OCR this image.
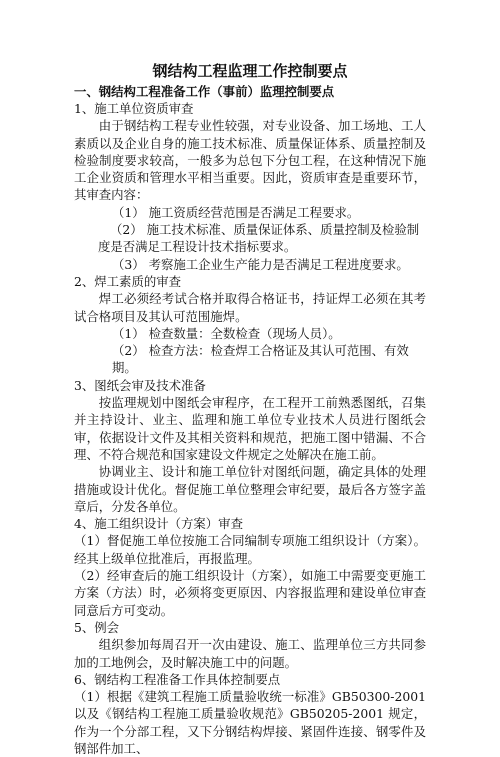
钢结构工程监理工作控制要点
一、钢结构工程准备工作（事前）监理控制要点
1、施工单位资质审查

由于钢结构工程专业性较强，对专业设备、加工场地、工人素质以及企业自身的施工技术标准、质量保证体系、质量控制及检验制度要求较高，一般多为总包下分包工程，在这种情况下施工企业资质和管理水平相当重要。因此，资质审查是重要环节，其审查内容：

（1） 施工资质经营范围是否满足工程要求。

（2） 施工技术标准、质量保证体系、质量控制及检验制度是否满足工程设计技术指标要求。

（3） 考察施工企业生产能力是否满足工程进度要求。

2、焊工素质的审查

焊工必须经考试合格并取得合格证书，持证焊工必须在其考试合格项目及其认可范围施焊。

（1） 检查数量：全数检查（现场人员）。

（2） 检查方法：检查焊工合格证及其认可范围、有效期。

3、图纸会审及技术准备

按监理规划中图纸会审程序，在工程开工前熟悉图纸，召集并主持设计、业主、监理和施工单位专业技术人员进行图纸会审，依据设计文件及其相关资料和规范，把施工图中错漏、不合理、不符合规范和国家建设文件规定之处解决在施工前。

协调业主、设计和施工单位针对图纸问题，确定具体的处理措施或设计优化。督促施工单位整理会审纪要，最后各方签字盖章后，分发各单位。

4、施工组织设计（方案）审查

（1）督促施工单位按施工合同编制专项施工组织设计（方案）。经其上级单位批准后，再报监理。

（2）经审查后的施工组织设计（方案），如施工中需要变更施工方案（方法）时，必须将变更原因、内容报监理和建设单位审查同意后方可变动。

5、例会

组织参加每周召开一次由建设、施工、监理单位三方共同参加的工地例会，及时解决施工中的问题。

6、钢结构工程准备工作具体控制要点

（1）根据《建筑工程施工质量验收统一标准》GB50300-2001 以及《钢结构工程施工质量验收规范》GB50205-2001 规定，作为一个分部工程，又下分钢结构焊接、紧固件连接、钢零件及钢部件加工、
